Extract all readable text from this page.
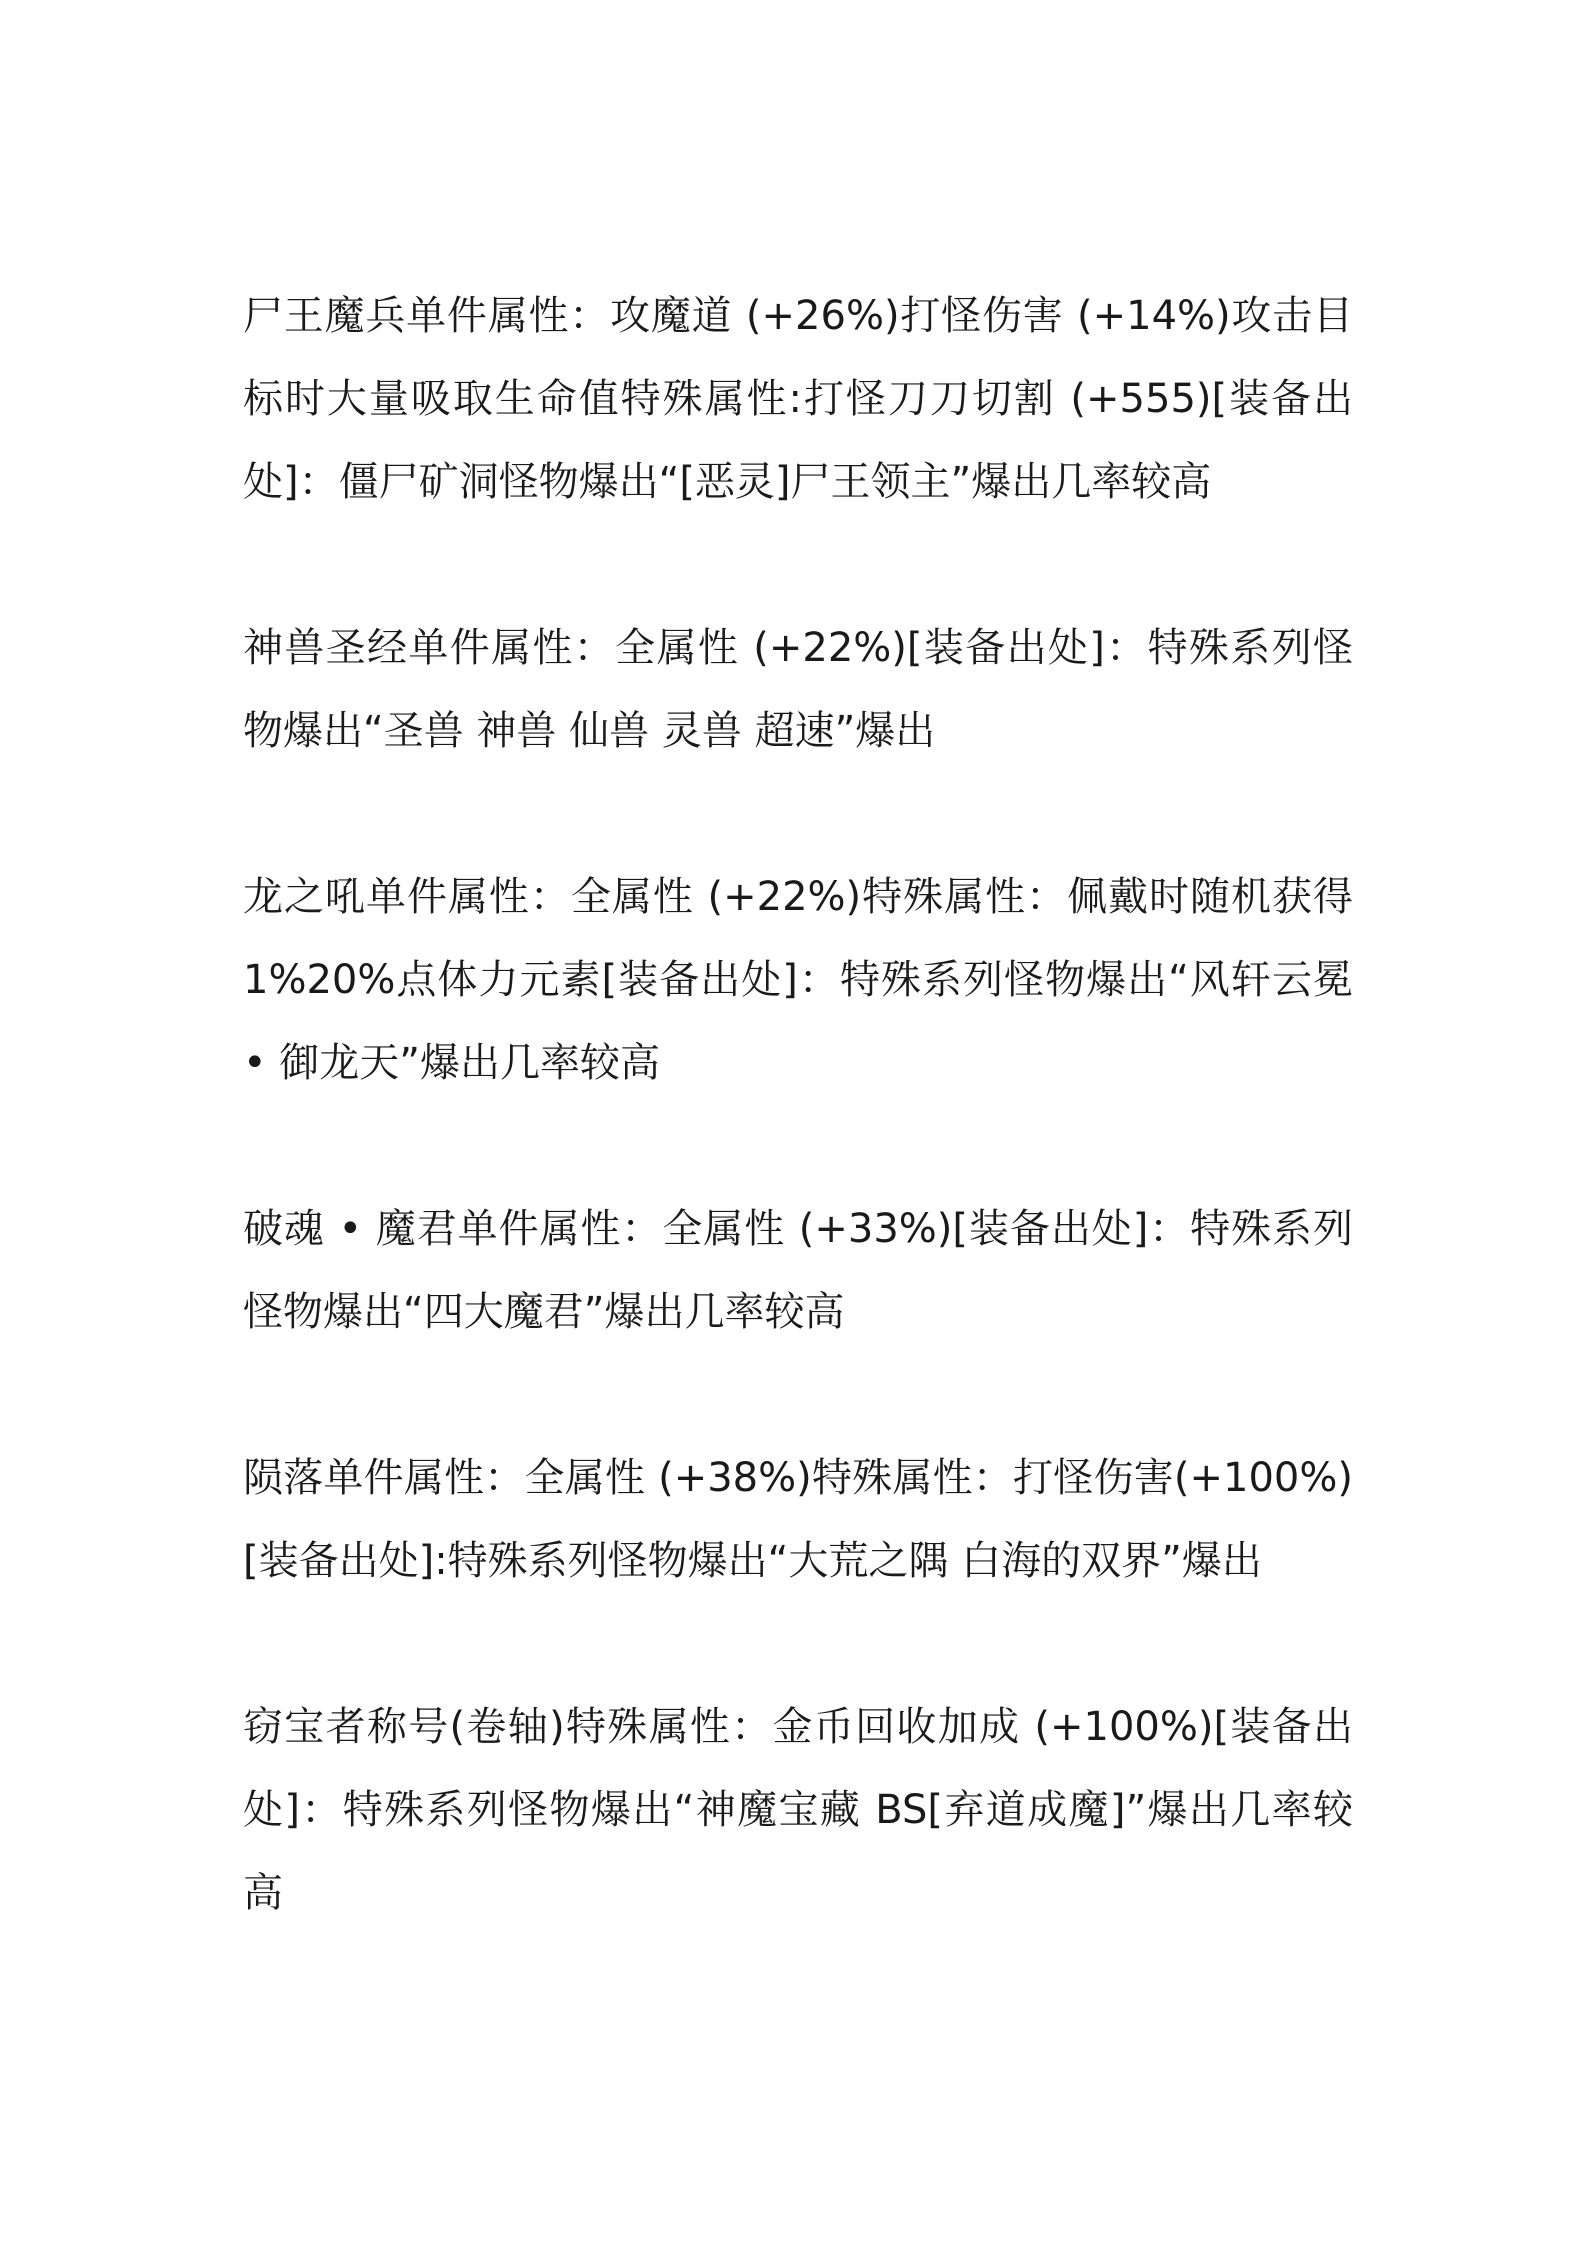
尸王魔兵单件属性：攻魔道 (+26%)打怪伤害 (+14%)攻击目标时大量吸取生命值特殊属性:打怪刀刀切割 (+555)[装备出处]：僵尸矿洞怪物爆出“[恶灵]尸王领主”爆出几率较高

神兽圣经单件属性：全属性 (+22%)[装备出处]：特殊系列怪物爆出“圣兽 神兽 仙兽 灵兽 超速”爆出

龙之吼单件属性：全属性 (+22%)特殊属性：佩戴时随机获得1%20%点体力元素[装备出处]：特殊系列怪物爆出“风轩云冕 • 御龙天”爆出几率较高

破魂 • 魔君单件属性：全属性 (+33%)[装备出处]：特殊系列怪物爆出“四大魔君”爆出几率较高

陨落单件属性：全属性 (+38%)特殊属性：打怪伤害(+100%)[装备出处]:特殊系列怪物爆出“大荒之隅 白海的双界”爆出

窃宝者称号(卷轴)特殊属性：金币回收加成 (+100%)[装备出处]：特殊系列怪物爆出“神魔宝藏 BS[弃道成魔]”爆出几率较高
